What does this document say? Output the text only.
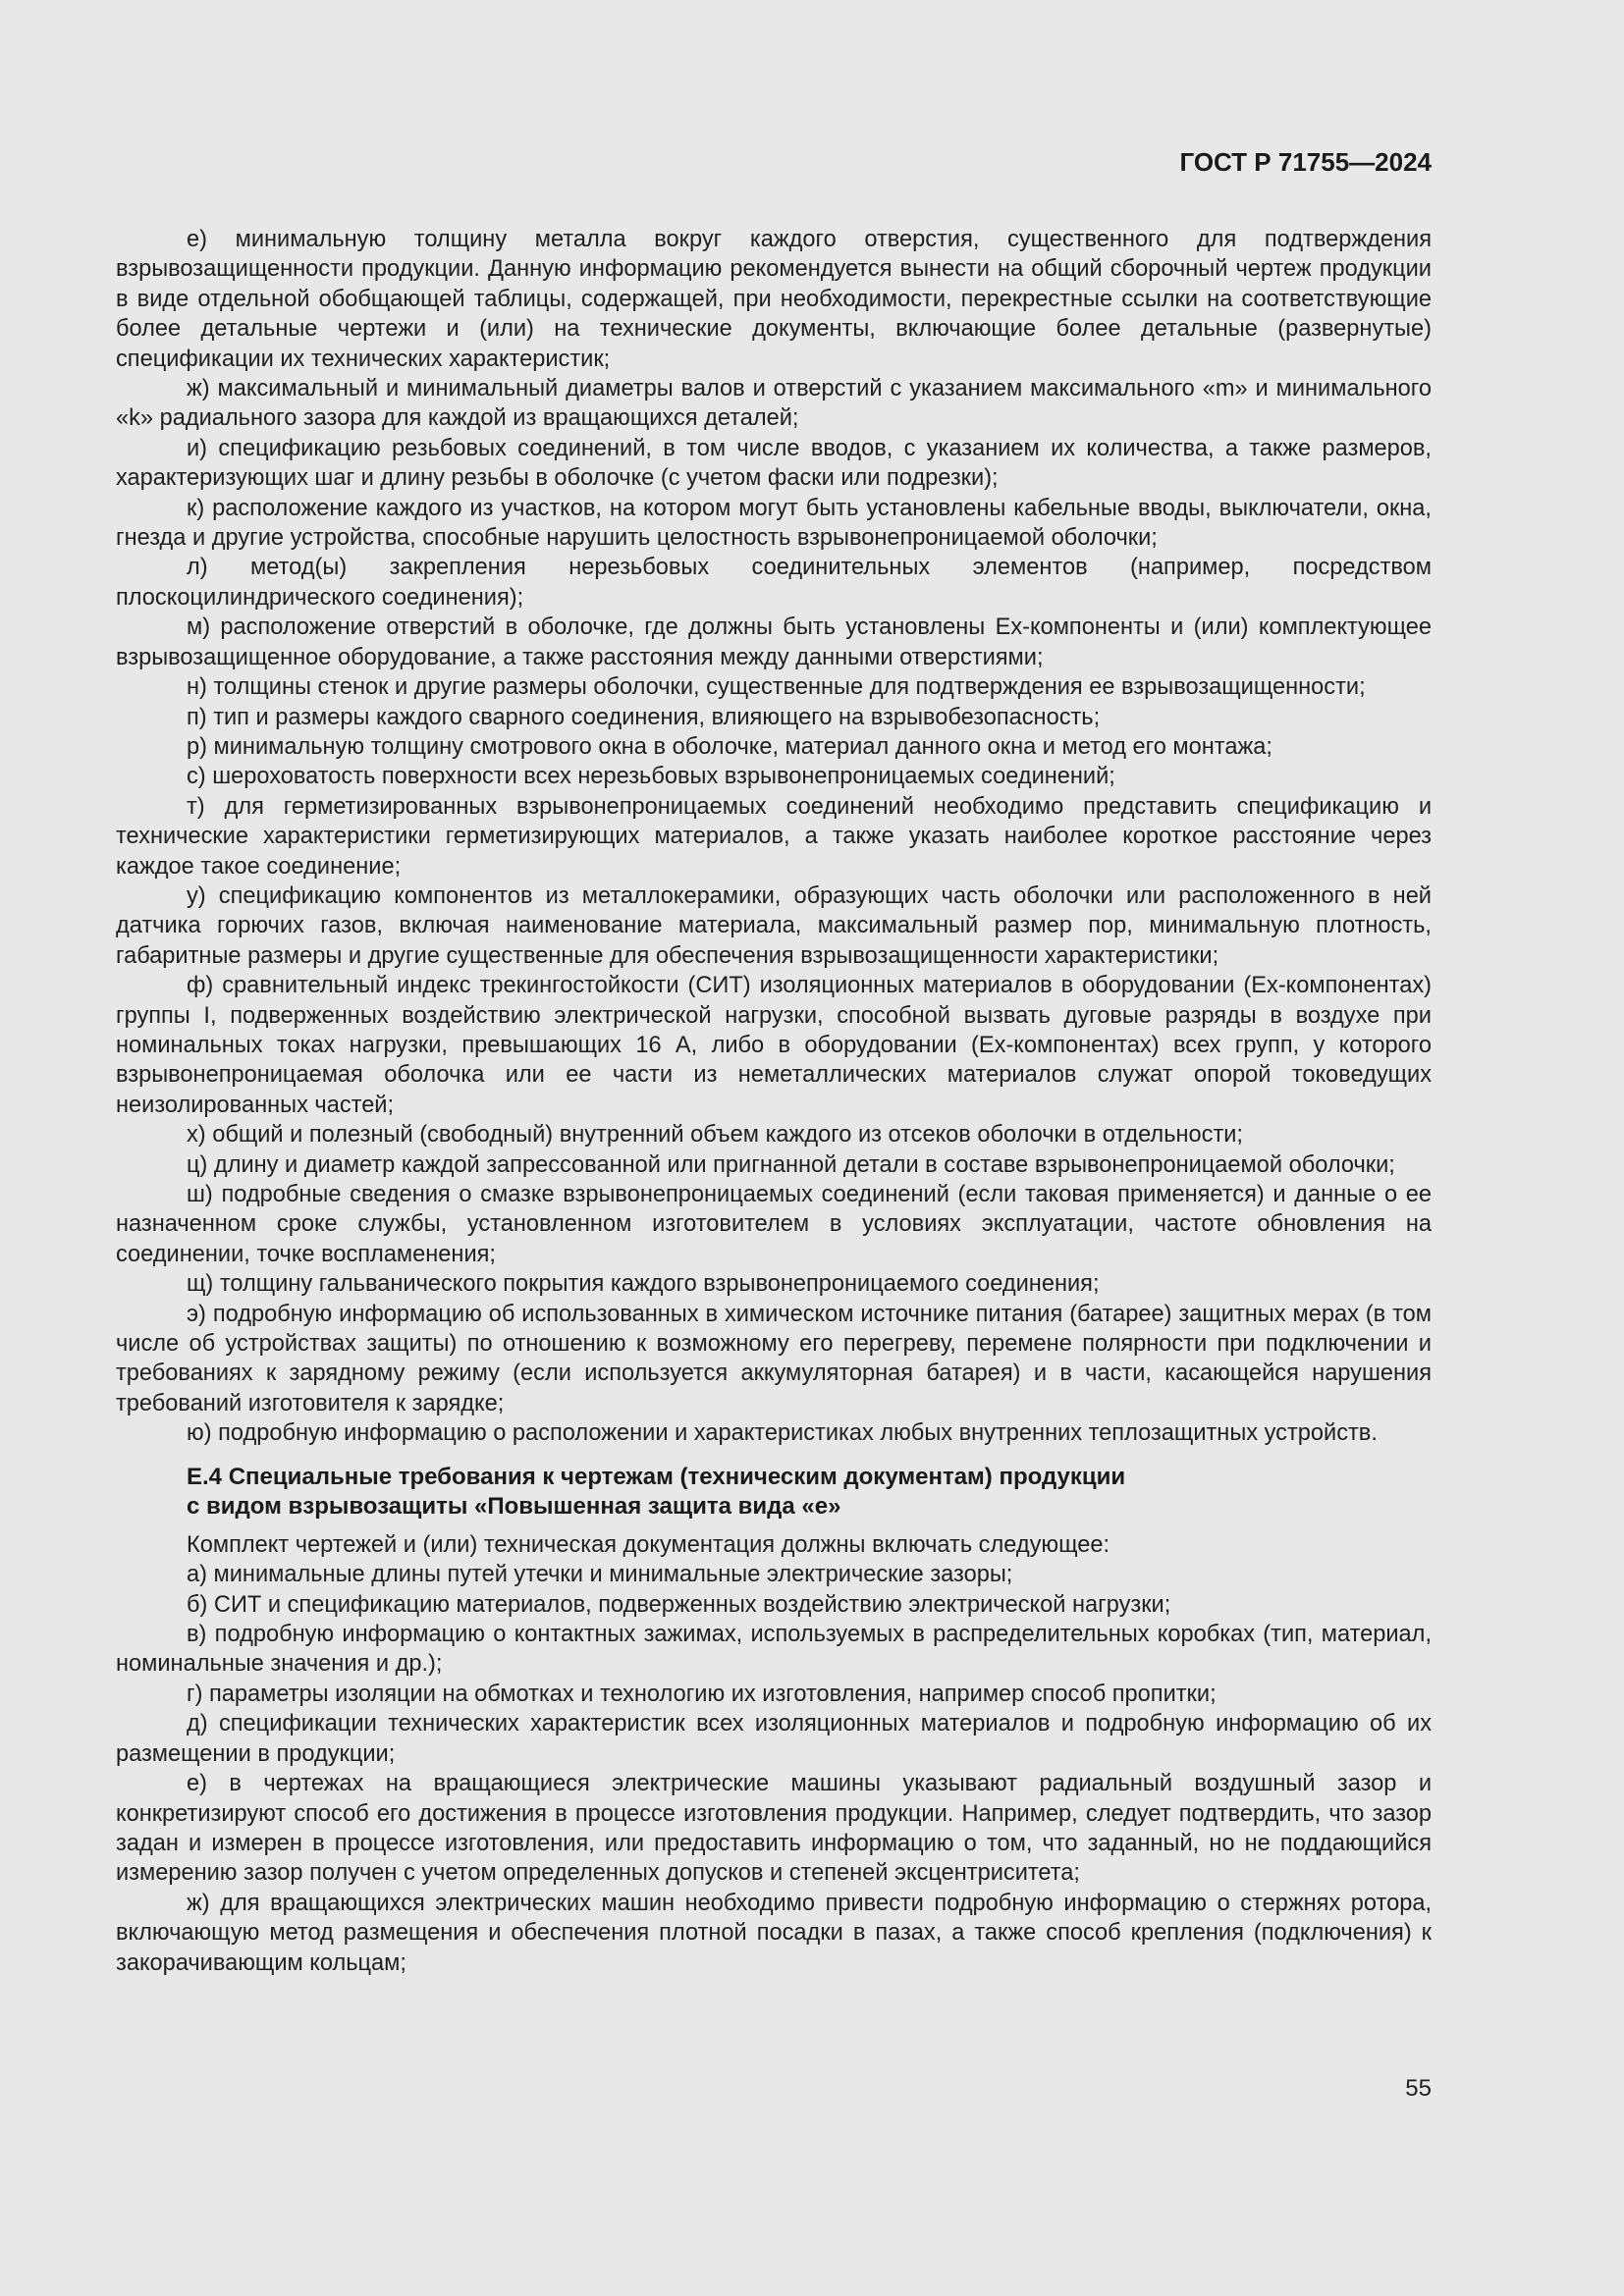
ГОСТ Р 71755—2024

е) минимальную толщину металла вокруг каждого отверстия, существенного для подтверждения взрывозащищенности продукции. Данную информацию рекомендуется вынести на общий сборочный чертеж продукции в виде отдельной обобщающей таблицы, содержащей, при необходимости, перекрестные ссылки на соответствующие более детальные чертежи и (или) на технические документы, включающие более детальные (развернутые) спецификации их технических характеристик;

ж) максимальный и минимальный диаметры валов и отверстий с указанием максимального «m» и минимального «k» радиального зазора для каждой из вращающихся деталей;

и) спецификацию резьбовых соединений, в том числе вводов, с указанием их количества, а также размеров, характеризующих шаг и длину резьбы в оболочке (с учетом фаски или подрезки);

к) расположение каждого из участков, на котором могут быть установлены кабельные вводы, выключатели, окна, гнезда и другие устройства, способные нарушить целостность взрывонепроницаемой оболочки;

л) метод(ы) закрепления нерезьбовых соединительных элементов (например, посредством плоскоцилиндрического соединения);

м) расположение отверстий в оболочке, где должны быть установлены Ex-компоненты и (или) комплектующее взрывозащищенное оборудование, а также расстояния между данными отверстиями;

н) толщины стенок и другие размеры оболочки, существенные для подтверждения ее взрывозащищенности;

п) тип и размеры каждого сварного соединения, влияющего на взрывобезопасность;

р) минимальную толщину смотрового окна в оболочке, материал данного окна и метод его монтажа;

с) шероховатость поверхности всех нерезьбовых взрывонепроницаемых соединений;

т) для герметизированных взрывонепроницаемых соединений необходимо представить спецификацию и технические характеристики герметизирующих материалов, а также указать наиболее короткое расстояние через каждое такое соединение;

у) спецификацию компонентов из металлокерамики, образующих часть оболочки или расположенного в ней датчика горючих газов, включая наименование материала, максимальный размер пор, минимальную плотность, габаритные размеры и другие существенные для обеспечения взрывозащищенности характеристики;

ф) сравнительный индекс трекингостойкости (СИТ) изоляционных материалов в оборудовании (Ex-компонентах) группы I, подверженных воздействию электрической нагрузки, способной вызвать дуговые разряды в воздухе при номинальных токах нагрузки, превышающих 16 А, либо в оборудовании (Ex-компонентах) всех групп, у которого взрывонепроницаемая оболочка или ее части из неметаллических материалов служат опорой токоведущих неизолированных частей;

х) общий и полезный (свободный) внутренний объем каждого из отсеков оболочки в отдельности;

ц) длину и диаметр каждой запрессованной или пригнанной детали в составе взрывонепроницаемой оболочки;

ш) подробные сведения о смазке взрывонепроницаемых соединений (если таковая применяется) и данные о ее назначенном сроке службы, установленном изготовителем в условиях эксплуатации, частоте обновления на соединении, точке воспламенения;

щ) толщину гальванического покрытия каждого взрывонепроницаемого соединения;

э) подробную информацию об использованных в химическом источнике питания (батарее) защитных мерах (в том числе об устройствах защиты) по отношению к возможному его перегреву, перемене полярности при подключении и требованиях к зарядному режиму (если используется аккумуляторная батарея) и в части, касающейся нарушения требований изготовителя к зарядке;

ю) подробную информацию о расположении и характеристиках любых внутренних теплозащитных устройств.

Е.4 Специальные требования к чертежам (техническим документам) продукции
с видом взрывозащиты «Повышенная защита вида «е»

Комплект чертежей и (или) техническая документация должны включать следующее:

а) минимальные длины путей утечки и минимальные электрические зазоры;

б) СИТ и спецификацию материалов, подверженных воздействию электрической нагрузки;

в) подробную информацию о контактных зажимах, используемых в распределительных коробках (тип, материал, номинальные значения и др.);

г) параметры изоляции на обмотках и технологию их изготовления, например способ пропитки;

д) спецификации технических характеристик всех изоляционных материалов и подробную информацию об их размещении в продукции;

е) в чертежах на вращающиеся электрические машины указывают радиальный воздушный зазор и конкретизируют способ его достижения в процессе изготовления продукции. Например, следует подтвердить, что зазор задан и измерен в процессе изготовления, или предоставить информацию о том, что заданный, но не поддающийся измерению зазор получен с учетом определенных допусков и степеней эксцентриситета;

ж) для вращающихся электрических машин необходимо привести подробную информацию о стержнях ротора, включающую метод размещения и обеспечения плотной посадки в пазах, а также способ крепления (подключения) к закорачивающим кольцам;

55
